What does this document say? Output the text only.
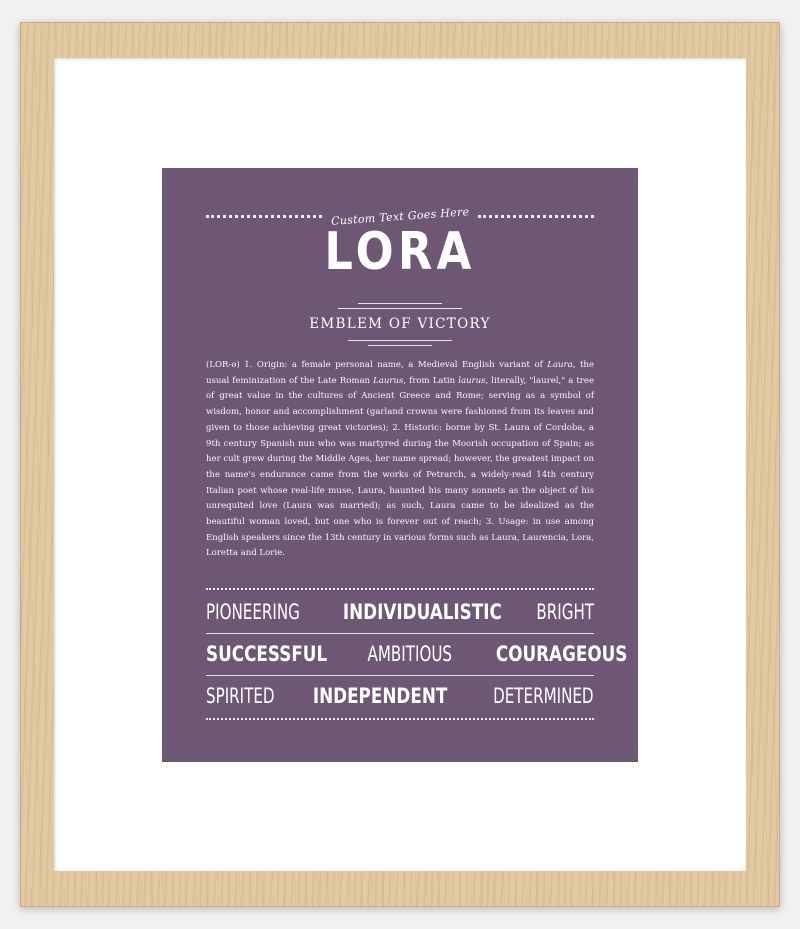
Custom Text Goes Here
LORA
EMBLEM OF VICTORY
(LOR-ə) 1. Origin: a female personal name, a Medieval English variant of Laura, the usual feminization of the Late Roman Laurus, from Latin laurus, literally, "laurel," a tree of great value in the cultures of Ancient Greece and Rome; serving as a symbol of wisdom, honor and accomplishment (garland crowns were fashioned from its leaves and given to those achieving great victories); 2. Historic: borne by St. Laura of Cordoba, a 9th century Spanish nun who was martyred during the Moorish occupation of Spain; as her cult grew during the Middle Ages, her name spread; however, the greatest impact on the name's endurance came from the works of Petrarch, a widely-read 14th century Italian poet whose real-life muse, Laura, haunted his many sonnets as the object of his unrequited love (Laura was married); as such, Laura came to be idealized as the beautiful woman loved, but one who is forever out of reach; 3. Usage: in use among English speakers since the 13th century in various forms such as Laura, Laurencia, Lora, Loretta and Lorie.
PIONEERING INDIVIDUALISTIC BRIGHT
SUCCESSFUL AMBITIOUS COURAGEOUS
SPIRITED INDEPENDENT DETERMINED
